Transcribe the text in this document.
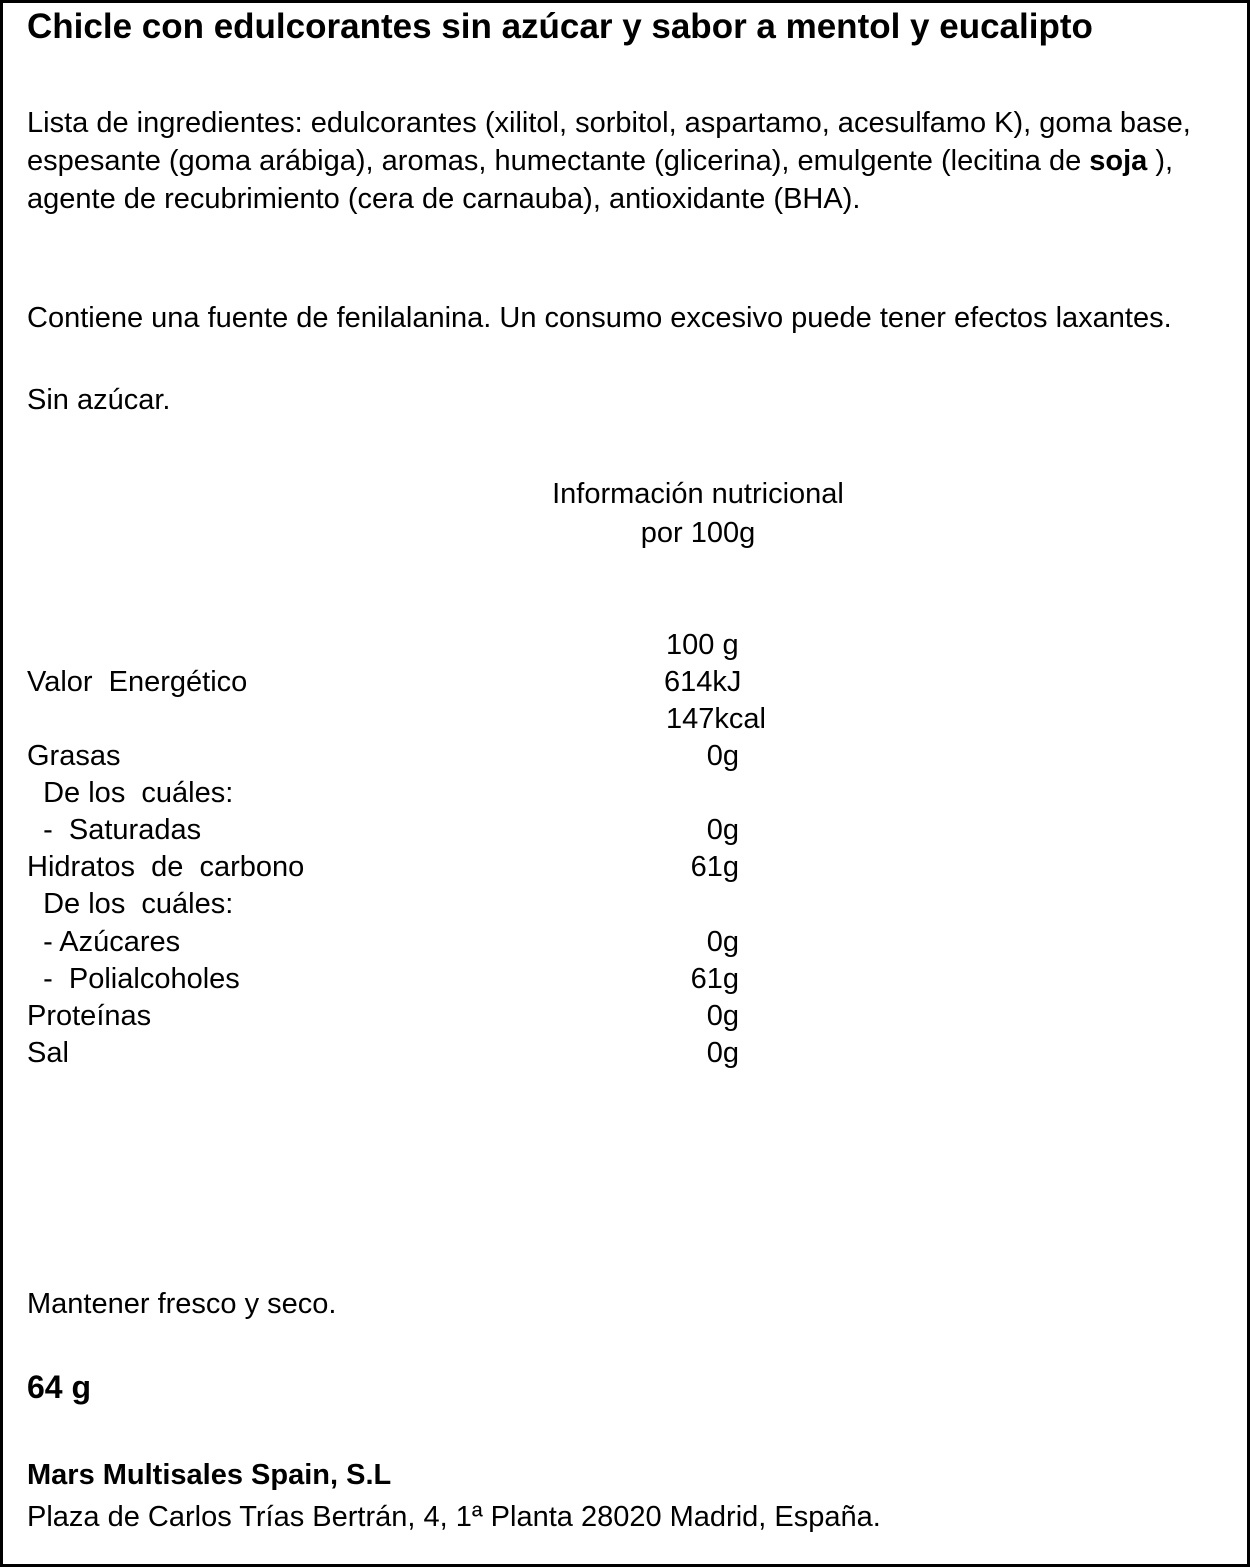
Chicle con edulcorantes sin azúcar y sabor a mentol y eucalipto
Lista de ingredientes: edulcorantes (xilitol, sorbitol, aspartamo, acesulfamo K), goma base, espesante (goma arábiga), aromas, humectante (glicerina), emulgente (lecitina de soja ), agente de recubrimiento (cera de carnauba), antioxidante (BHA).
Contiene una fuente de fenilalanina. Un consumo excesivo puede tener efectos laxantes.
Sin azúcar.
Información nutricional
por 100g
100 g
Valor  Energético	614kJ
147kcal
Grasas	0g
De los  cuáles:
-  Saturadas	0g
Hidratos  de  carbono	61g
De los  cuáles:
- Azúcares	0g
-  Polialcoholes	61g
Proteínas	0g
Sal	0g
Mantener fresco y seco.
64 g
Mars Multisales Spain, S.L
Plaza de Carlos Trías Bertrán, 4, 1ª Planta 28020 Madrid, España.
